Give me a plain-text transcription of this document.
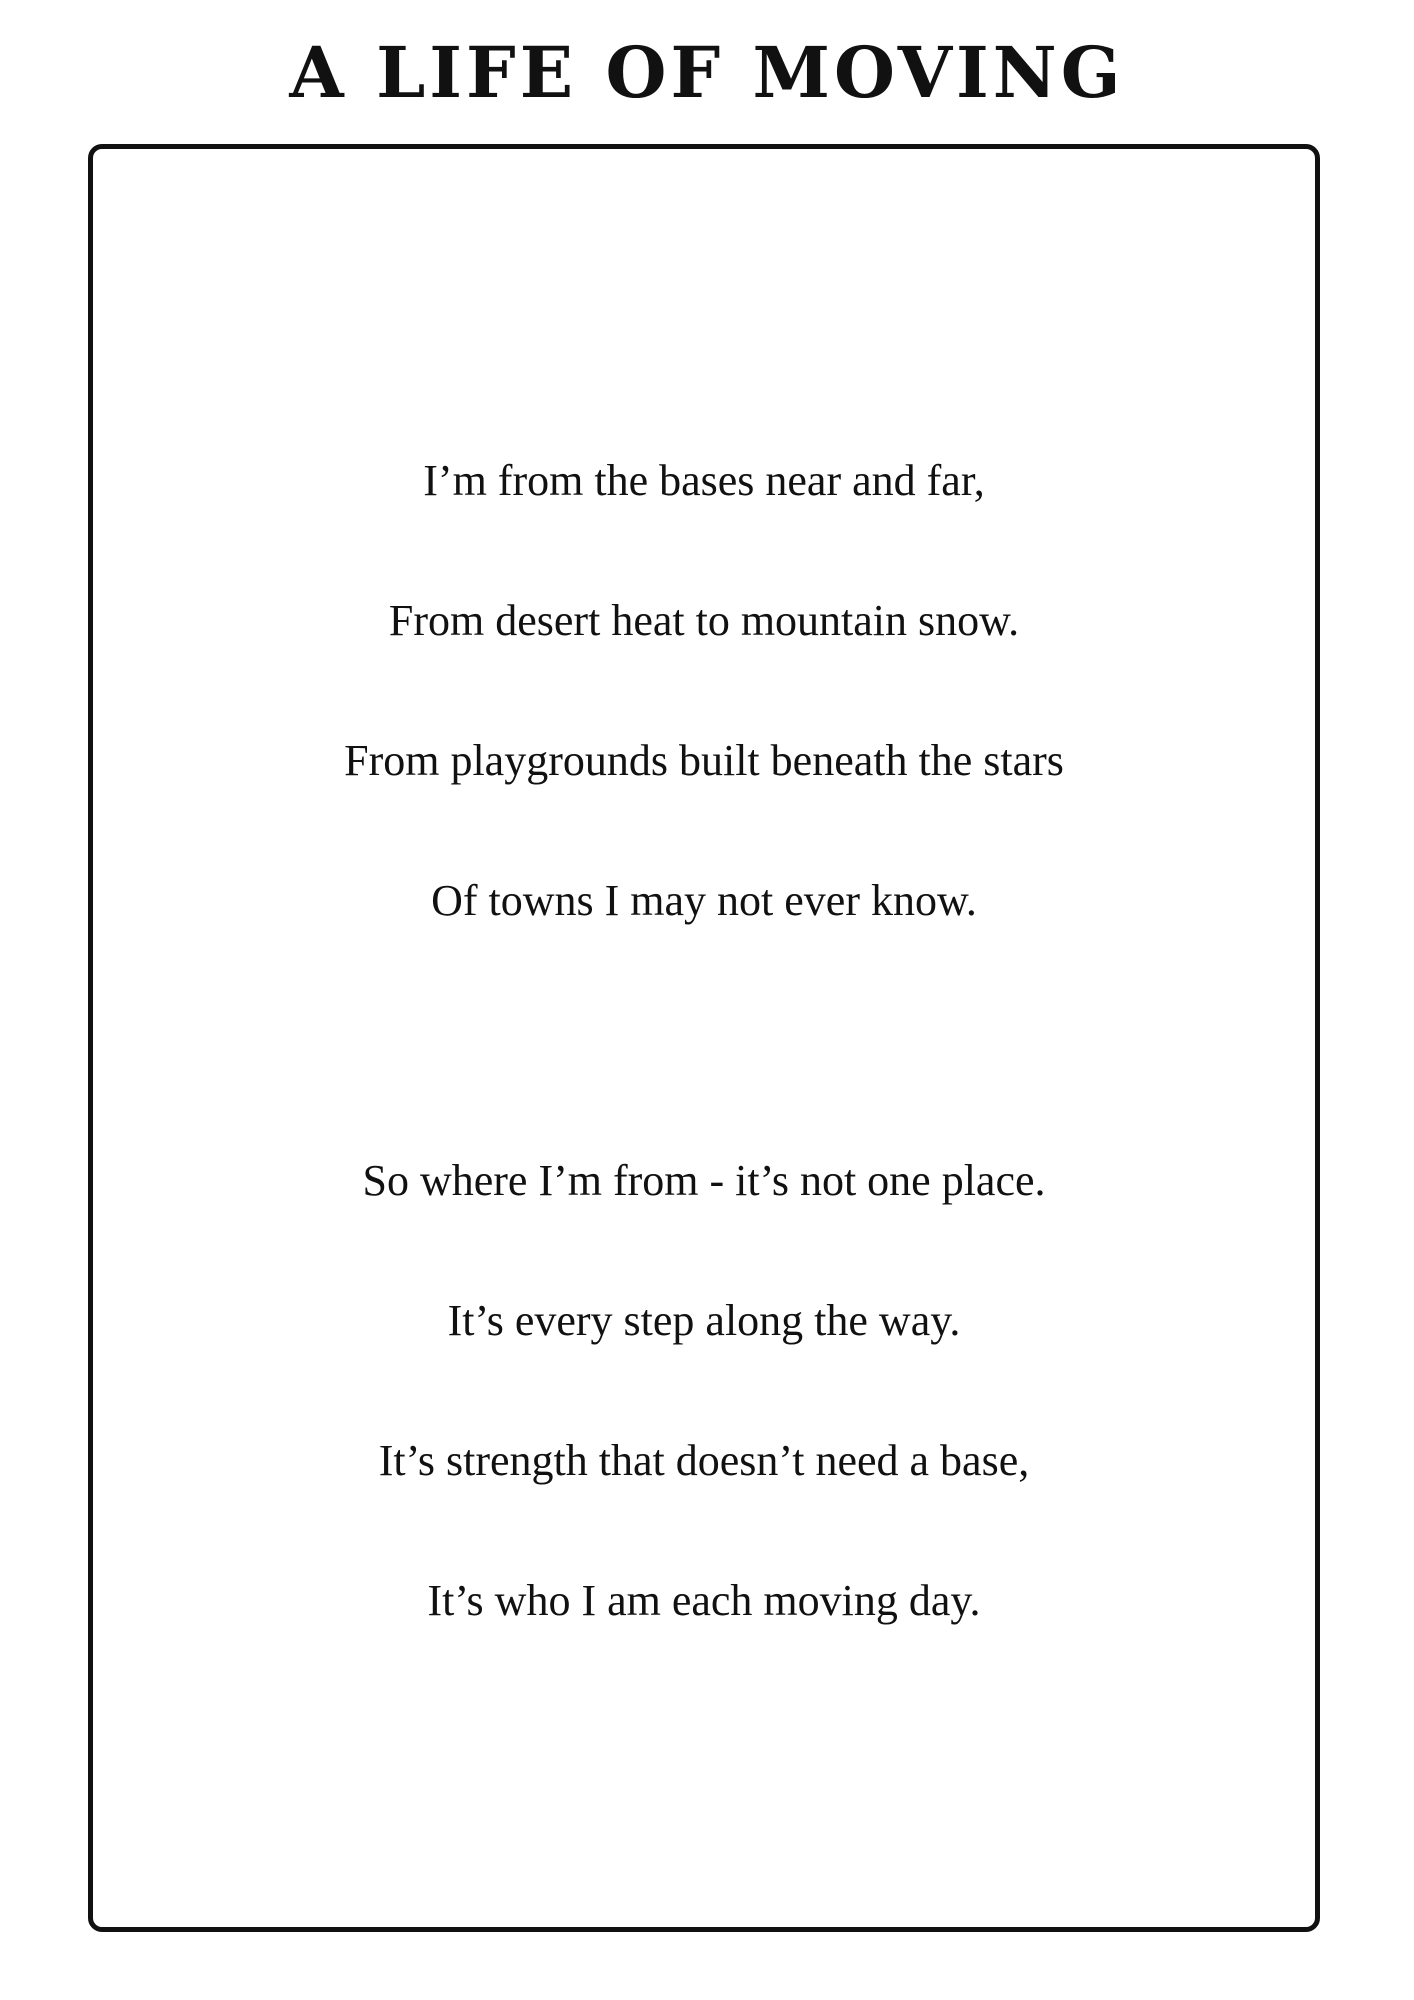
A LIFE OF MOVING
I’m from the bases near and far,
From desert heat to mountain snow.
From playgrounds built beneath the stars
Of towns I may not ever know.
So where I’m from - it’s not one place.
It’s every step along the way.
It’s strength that doesn’t need a base,
It’s who I am each moving day.
